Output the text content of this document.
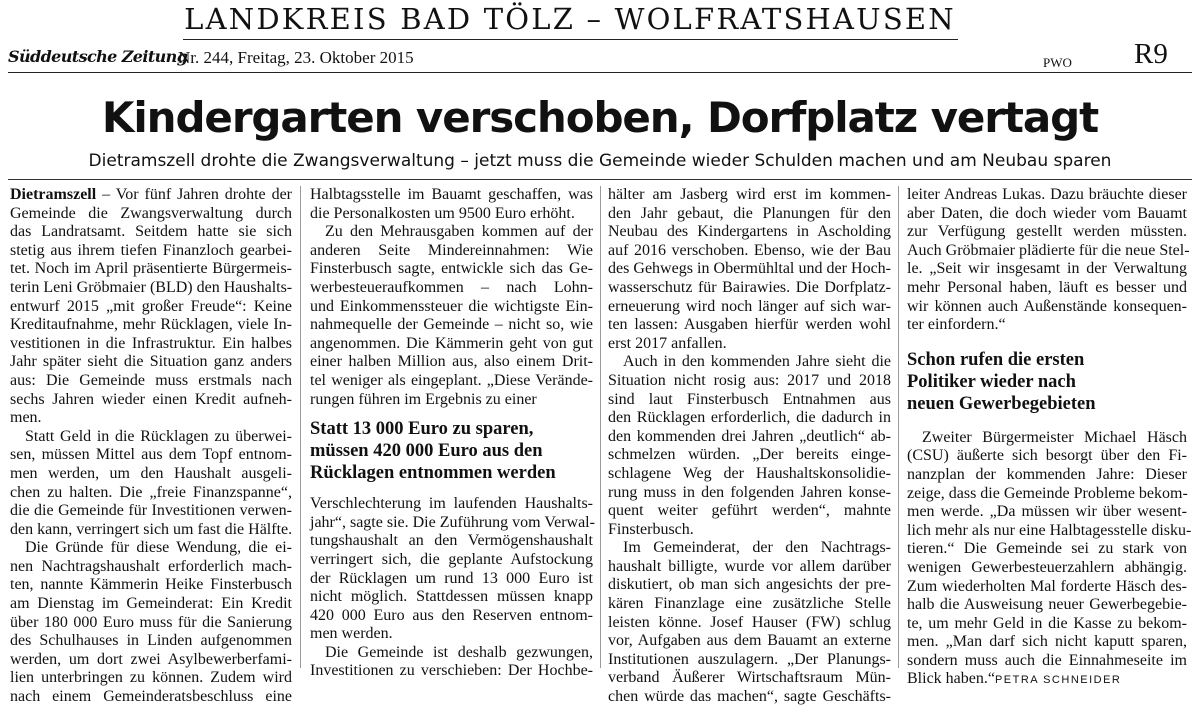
LANDKREIS BAD TÖLZ – WOLFRATSHAUSEN
Süddeutsche Zeitung
Nr. 244, Freitag, 23. Oktober 2015	PWO R9
Kindergarten verschoben, Dorfplatz vertagt
Dietramszell drohte die Zwangsverwaltung – jetzt muss die Gemeinde wieder Schulden machen und am Neubau sparen
Dietramszell – Vor fünf Jahren drohte der
Gemeinde die Zwangsverwaltung durch
das Landratsamt. Seitdem hatte sie sich
stetig aus ihrem tiefen Finanzloch gearbei-
tet. Noch im April präsentierte Bürgermeis-
terin Leni Gröbmaier (BLD) den Haushalts-
entwurf 2015 „mit großer Freude“: Keine
Kreditaufnahme, mehr Rücklagen, viele In-
vestitionen in die Infrastruktur. Ein halbes
Jahr später sieht die Situation ganz anders
aus: Die Gemeinde muss erstmals nach
sechs Jahren wieder einen Kredit aufneh-
men.
Statt Geld in die Rücklagen zu überwei-
sen, müssen Mittel aus dem Topf entnom-
men werden, um den Haushalt ausgeli-
chen zu halten. Die „freie Finanzspanne“,
die die Gemeinde für Investitionen verwen-
den kann, verringert sich um fast die Hälfte.
Die Gründe für diese Wendung, die ei-
nen Nachtragshaushalt erforderlich mach-
ten, nannte Kämmerin Heike Finsterbusch
am Dienstag im Gemeinderat: Ein Kredit
über 180 000 Euro muss für die Sanierung
des Schulhauses in Linden aufgenommen
werden, um dort zwei Asylbewerberfami-
lien unterbringen zu können. Zudem wird
nach einem Gemeinderatsbeschluss eine
Halbtagsstelle im Bauamt geschaffen, was
die Personalkosten um 9500 Euro erhöht.
Zu den Mehrausgaben kommen auf der
anderen Seite Mindereinnahmen: Wie
Finsterbusch sagte, entwickle sich das Ge-
werbesteueraufkommen – nach Lohn-
und Einkommenssteuer die wichtigste Ein-
nahmequelle der Gemeinde – nicht so, wie
angenommen. Die Kämmerin geht von gut
einer halben Million aus, also einem Drit-
tel weniger als eingeplant. „Diese Verände-
rungen führen im Ergebnis zu einer
Statt 13 000 Euro zu sparen,
müssen 420 000 Euro aus den
Rücklagen entnommen werden
Verschlechterung im laufenden Haushalts-
jahr“, sagte sie. Die Zuführung vom Verwal-
tungshaushalt an den Vermögenshaushalt
verringert sich, die geplante Aufstockung
der Rücklagen um rund 13 000 Euro ist
nicht möglich. Stattdessen müssen knapp
420 000 Euro aus den Reserven entnom-
men werden.
Die Gemeinde ist deshalb gezwungen,
Investitionen zu verschieben: Der Hochbe-
hälter am Jasberg wird erst im kommen-
den Jahr gebaut, die Planungen für den
Neubau des Kindergartens in Ascholding
auf 2016 verschoben. Ebenso, wie der Bau
des Gehwegs in Obermühltal und der Hoch-
wasserschutz für Bairawies. Die Dorfplatz-
erneuerung wird noch länger auf sich war-
ten lassen: Ausgaben hierfür werden wohl
erst 2017 anfallen.
Auch in den kommenden Jahre sieht die
Situation nicht rosig aus: 2017 und 2018
sind laut Finsterbusch Entnahmen aus
den Rücklagen erforderlich, die dadurch in
den kommenden drei Jahren „deutlich“ ab-
schmelzen würden. „Der bereits einge-
schlagene Weg der Haushaltskonsolidie-
rung muss in den folgenden Jahren konse-
quent weiter geführt werden“, mahnte
Finsterbusch.
Im Gemeinderat, der den Nachtrags-
haushalt billigte, wurde vor allem darüber
diskutiert, ob man sich angesichts der pre-
kären Finanzlage eine zusätzliche Stelle
leisten könne. Josef Hauser (FW) schlug
vor, Aufgaben aus dem Bauamt an externe
Institutionen auszulagern. „Der Planungs-
verband Äußerer Wirtschaftsraum Mün-
chen würde das machen“, sagte Geschäfts-
leiter Andreas Lukas. Dazu bräuchte dieser
aber Daten, die doch wieder vom Bauamt
zur Verfügung gestellt werden müssten.
Auch Gröbmaier plädierte für die neue Stel-
le. „Seit wir insgesamt in der Verwaltung
mehr Personal haben, läuft es besser und
wir können auch Außenstände konsequen-
ter einfordern.“
Schon rufen die ersten
Politiker wieder nach
neuen Gewerbegebieten
Zweiter Bürgermeister Michael Häsch
(CSU) äußerte sich besorgt über den Fi-
nanzplan der kommenden Jahre: Dieser
zeige, dass die Gemeinde Probleme bekom-
men werde. „Da müssen wir über wesent-
lich mehr als nur eine Halbtagesstelle disku-
tieren.“ Die Gemeinde sei zu stark von
wenigen Gewerbesteuerzahlern abhängig.
Zum wiederholten Mal forderte Häsch des-
halb die Ausweisung neuer Gewerbegebie-
te, um mehr Geld in die Kasse zu bekom-
men. „Man darf sich nicht kaputt sparen,
sondern muss auch die Einnahmeseite im
Blick haben.“PETRA SCHNEIDER
